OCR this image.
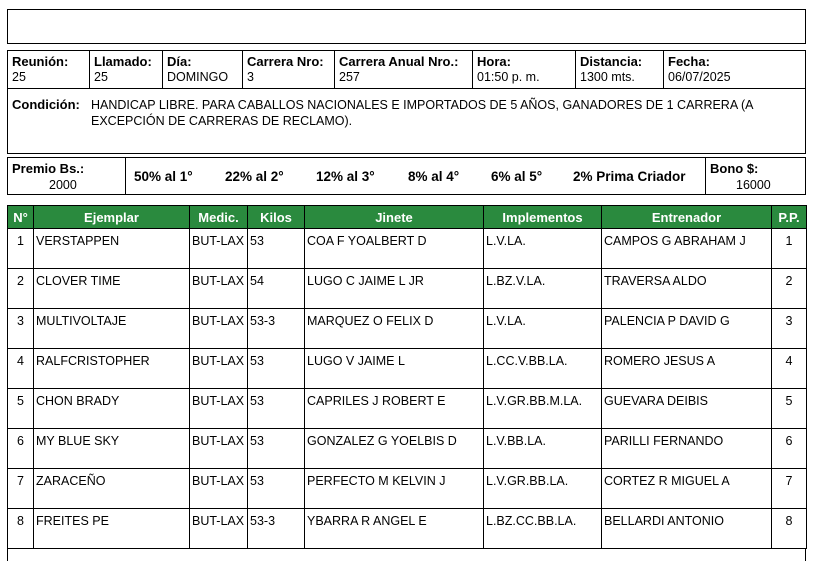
Reunión:
25
Llamado:
25
Día:
DOMINGO
Carrera Nro:
3
Carrera Anual Nro.:
257
Hora:
01:50 p. m.
Distancia:
1300 mts.
Fecha:
06/07/2025
Condición: HANDICAP LIBRE. PARA CABALLOS NACIONALES E IMPORTADOS DE 5 AÑOS, GANADORES DE 1 CARRERA (A EXCEPCIÓN DE CARRERAS DE RECLAMO).
Premio Bs.:
2000
50% al 1° 22% al 2° 12% al 3° 8% al 4° 6% al 5° 2% Prima Criador
Bono $:
16000
N°	Ejemplar	Medic.	Kilos	Jinete	Implementos	Entrenador	P.P.

1	VERSTAPPEN	BUT-LAX	53	COA F YOALBERT D	L.V.LA.	CAMPOS G ABRAHAM J	1

2	CLOVER TIME	BUT-LAX	54	LUGO C JAIME L JR	L.BZ.V.LA.	TRAVERSA ALDO	2

3	MULTIVOLTAJE	BUT-LAX	53-3	MARQUEZ O FELIX D	L.V.LA.	PALENCIA P DAVID G	3

4	RALFCRISTOPHER	BUT-LAX	53	LUGO V JAIME L	L.CC.V.BB.LA.	ROMERO JESUS A	4

5	CHON BRADY	BUT-LAX	53	CAPRILES J ROBERT E	L.V.GR.BB.M.LA.	GUEVARA DEIBIS	5

6	MY BLUE SKY	BUT-LAX	53	GONZALEZ G YOELBIS D	L.V.BB.LA.	PARILLI FERNANDO	6

7	ZARACEÑO	BUT-LAX	53	PERFECTO M KELVIN J	L.V.GR.BB.LA.	CORTEZ R MIGUEL A	7

8	FREITES PE	BUT-LAX	53-3	YBARRA R ANGEL E	L.BZ.CC.BB.LA.	BELLARDI ANTONIO	8
